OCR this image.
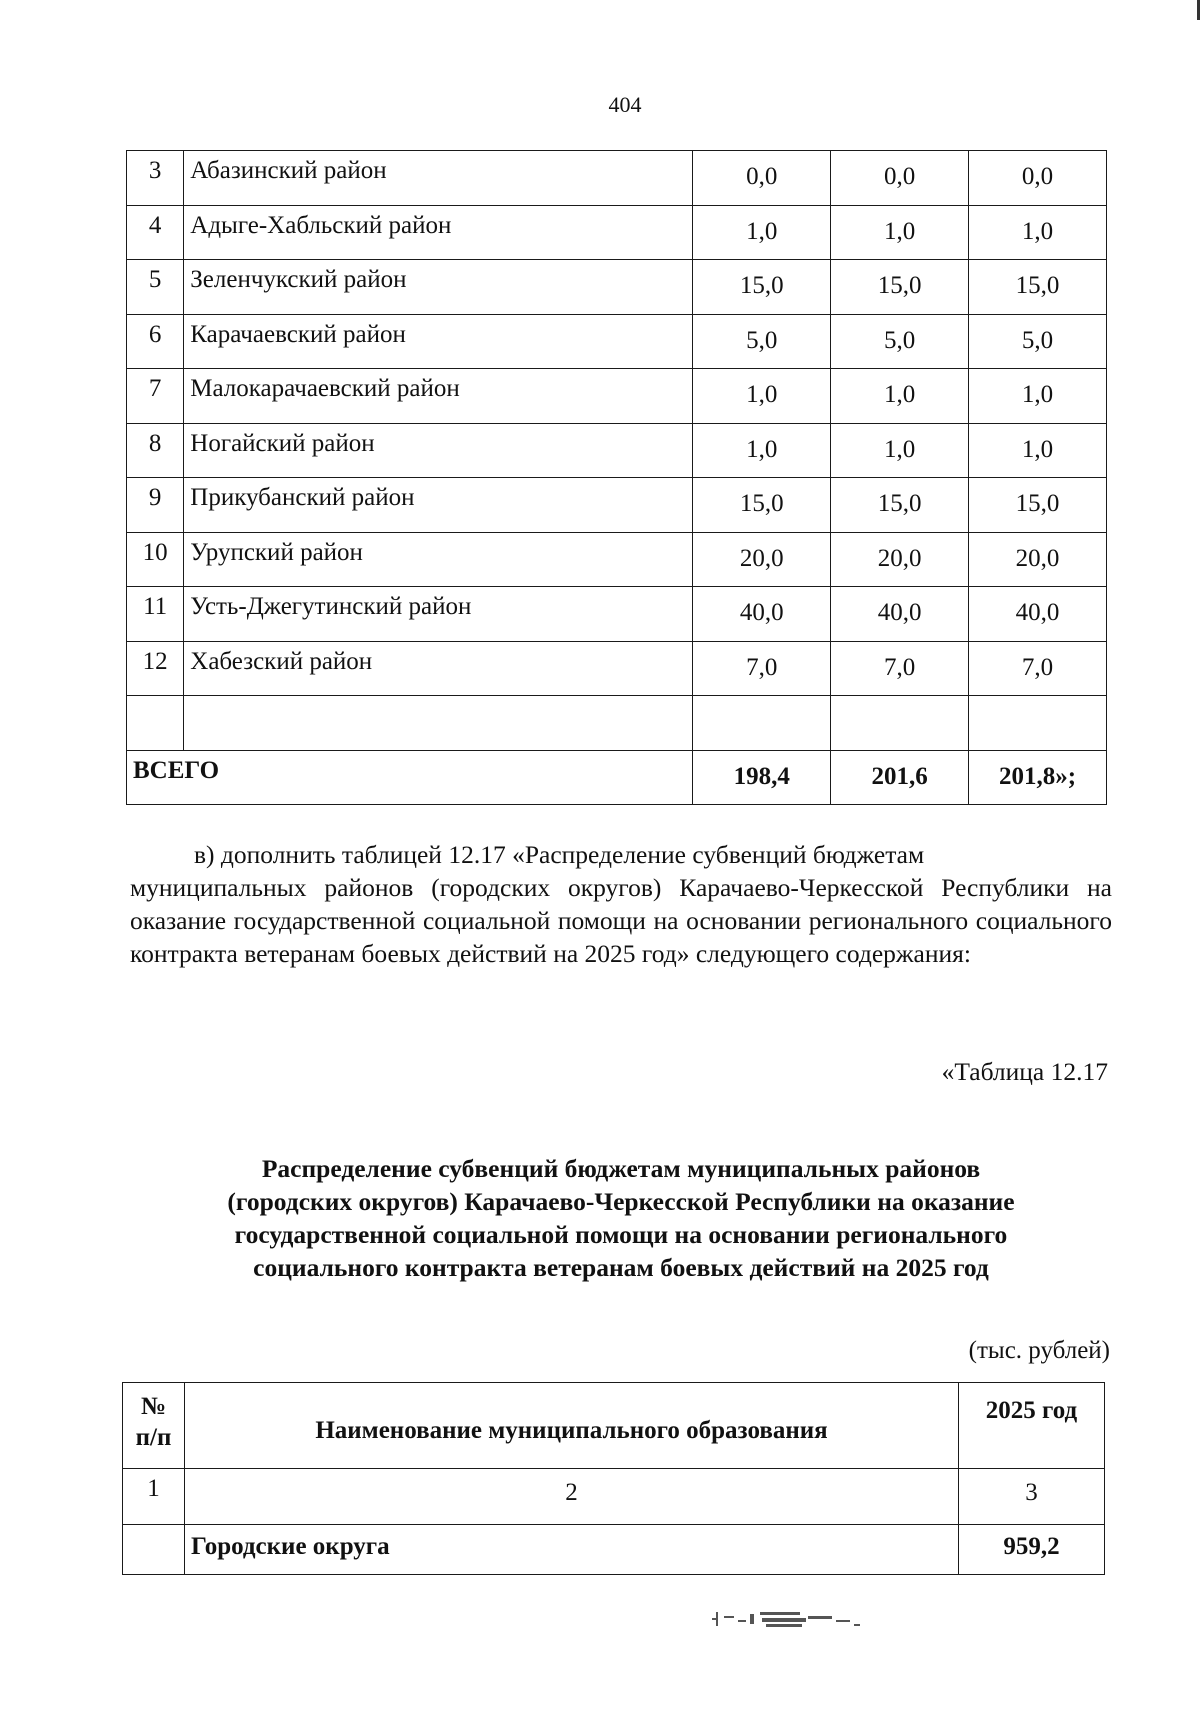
404
3	Абазинский район	0,0	0,0	0,0
4	Адыге-Хабльский район	1,0	1,0	1,0
5	Зеленчукский район	15,0	15,0	15,0
6	Карачаевский район	5,0	5,0	5,0
7	Малокарачаевский район	1,0	1,0	1,0
8	Ногайский район	1,0	1,0	1,0
9	Прикубанский район	15,0	15,0	15,0
10	Урупский район	20,0	20,0	20,0
11	Усть-Джегутинский район	40,0	40,0	40,0
12	Хабезский район	7,0	7,0	7,0

ВСЕГО		198,4	201,6	201,8»;
в) дополнить таблицей 12.17 «Распределение субвенций бюджетам
муниципальных районов (городских округов) Карачаево-Черкесской Республики на оказание государственной социальной помощи на основании регионального социального контракта ветеранам боевых действий на 2025 год» следующего содержания:
«Таблица 12.17
Распределение субвенций бюджетам муниципальных районов
(городских округов) Карачаево-Черкесской Республики на оказание
государственной социальной помощи на основании регионального
социального контракта ветеранам боевых действий на 2025 год
(тыс. рублей)
№
п/п	Наименование муниципального образования	2025 год
1	2	3
	Городские округа	959,2
